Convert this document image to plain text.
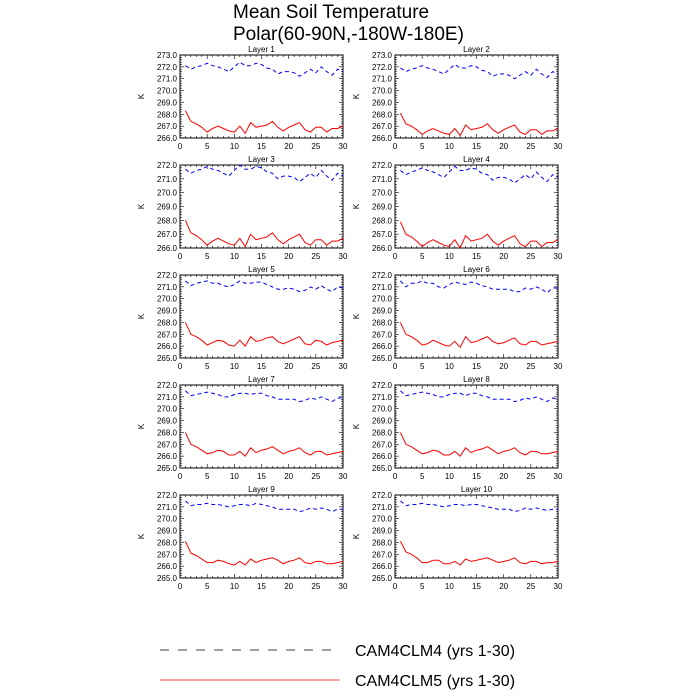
Mean Soil Temperature
Polar(60-90N,-180W-180E)
Layer 1
K
266.0
267.0
268.0
269.0
270.0
271.0
272.0
273.0
0	5	10 15 20 25 30
Layer 2
K
266.0
267.0
268.0
269.0
270.0
271.0
272.0
273.0
0	5	10 15 20 25 30
Layer 3
K
266.0
267.0
268.0
269.0
270.0
271.0
272.0
0	5	10 15 20 25 30
Layer 4
K
266.0
267.0
268.0
269.0
270.0
271.0
272.0
0	5	10 15 20 25 30
Layer 5
K
265.0
266.0
267.0
268.0
269.0
270.0
271.0
272.0
0	5	10 15 20 25 30
Layer 6
K
265.0
266.0
267.0
268.0
269.0
270.0
271.0
272.0
0	5	10 15 20 25 30
Layer 7
K
265.0
266.0
267.0
268.0
269.0
270.0
271.0
272.0
0	5	10 15 20 25 30
Layer 8
K
265.0
266.0
267.0
268.0
269.0
270.0
271.0
272.0
0	5	10 15 20 25 30
Layer 9
K
265.0
266.0
267.0
268.0
269.0
270.0
271.0
272.0
0	5	10 15 20 25 30
Layer 10
K
265.0
266.0
267.0
268.0
269.0
270.0
271.0
272.0
0	5	10 15 20 25 30
CAM4CLM4 (yrs 1-30)
CAM4CLM5 (yrs 1-30)
